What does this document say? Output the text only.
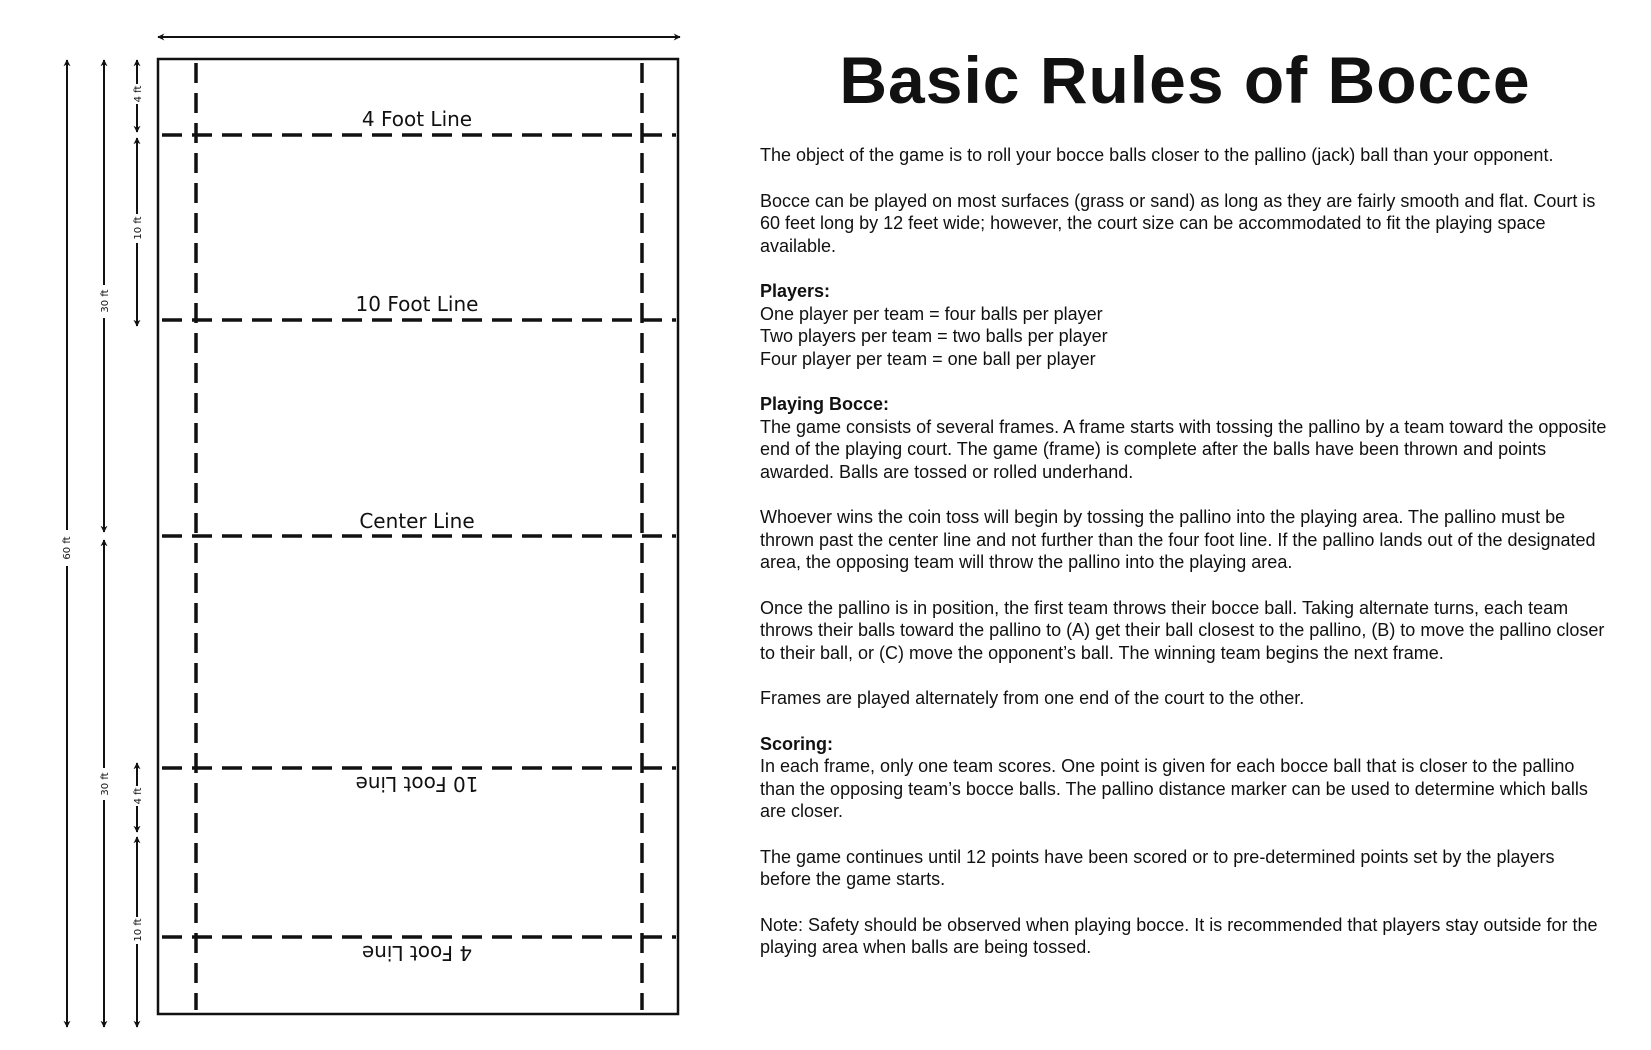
4 Foot Line
10 Foot Line
Center Line
10 Foot Line
4 Foot Line
60 ft
30 ft
30 ft
4 ft
10 ft
4 ft
10 ft
Basic Rules of Bocce

The object of the game is to roll your bocce balls closer to the pallino (jack) ball than your opponent.

Bocce can be played on most surfaces (grass or sand) as long as they are fairly smooth and flat. Court is 60 feet long by 12 feet wide; however, the court size can be accommodated to fit the playing space available.

Players:
One player per team = four balls per player
Two players per team = two balls per player
Four player per team = one ball per player
Playing Bocce:
The game consists of several frames. A frame starts with tossing the pallino by a team toward the opposite end of the playing court. The game (frame) is complete after the balls have been thrown and points awarded. Balls are tossed or rolled underhand.

Whoever wins the coin toss will begin by tossing the pallino into the playing area. The pallino must be thrown past the center line and not further than the four foot line. If the pallino lands out of the designated area, the opposing team will throw the pallino into the playing area.

Once the pallino is in position, the first team throws their bocce ball. Taking alternate turns, each team throws their balls toward the pallino to (A) get their ball closest to the pallino, (B) to move the pallino closer to their ball, or (C) move the opponent’s ball. The winning team begins the next frame.

Frames are played alternately from one end of the court to the other.

Scoring:
In each frame, only one team scores. One point is given for each bocce ball that is closer to the pallino than the opposing team’s bocce balls. The pallino distance marker can be used to determine which balls are closer.

The game continues until 12 points have been scored or to pre-determined points set by the players before the game starts.

Note: Safety should be observed when playing bocce. It is recommended that players stay outside for the playing area when balls are being tossed.
